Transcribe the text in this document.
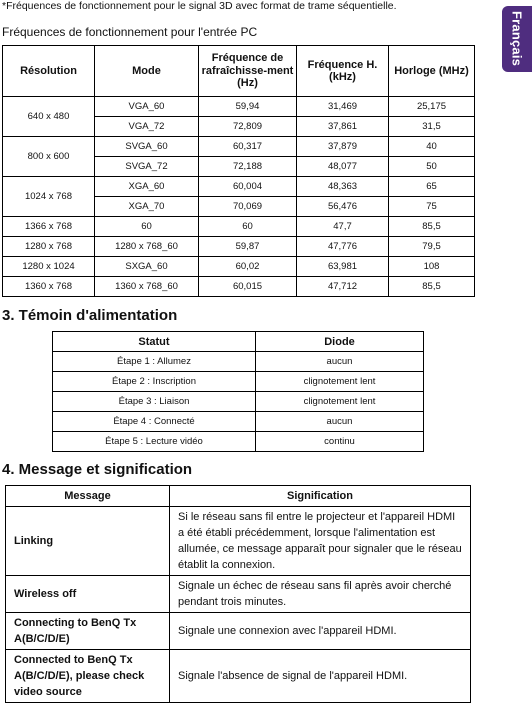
*Fréquences de fonctionnement pour le signal 3D avec format de trame séquentielle.
Fréquences de fonctionnement pour l'entrée PC	Français
Résolution	Mode	Fréquence de rafraîchisse-ment (Hz)	Fréquence H. (kHz)	Horloge (MHz)
640 x 480	VGA_60	59,94	31,469	25,175
	VGA_72	72,809	37,861	31,5
800 x 600	SVGA_60	60,317	37,879	40
	SVGA_72	72,188	48,077	50
1024 x 768	XGA_60	60,004	48,363	65
	XGA_70	70,069	56,476	75
1366 x 768	60	60	47,7	85,5
1280 x 768	1280 x 768_60	59,87	47,776	79,5
1280 x 1024	SXGA_60	60,02	63,981	108
1360 x 768	1360 x 768_60	60,015	47,712	85,5
3. Témoin d'alimentation
Statut	Diode
Étape 1 : Allumez	aucun
Étape 2 : Inscription	clignotement lent
Étape 3 : Liaison	clignotement lent
Étape 4 : Connecté	aucun
Étape 5 : Lecture vidéo	continu
4. Message et signification
Message	Signification
Linking	Si le réseau sans fil entre le projecteur et l'appareil HDMI a été établi précédemment, lorsque l'alimentation est allumée, ce message apparaît pour signaler que le réseau établit la connexion.
Wireless off	Signale un échec de réseau sans fil après avoir cherché pendant trois minutes.
Connecting to BenQ Tx A(B/C/D/E)	Signale une connexion avec l'appareil HDMI.
Connected to BenQ Tx A(B/C/D/E), please check video source	Signale l'absence de signal de l'appareil HDMI.
